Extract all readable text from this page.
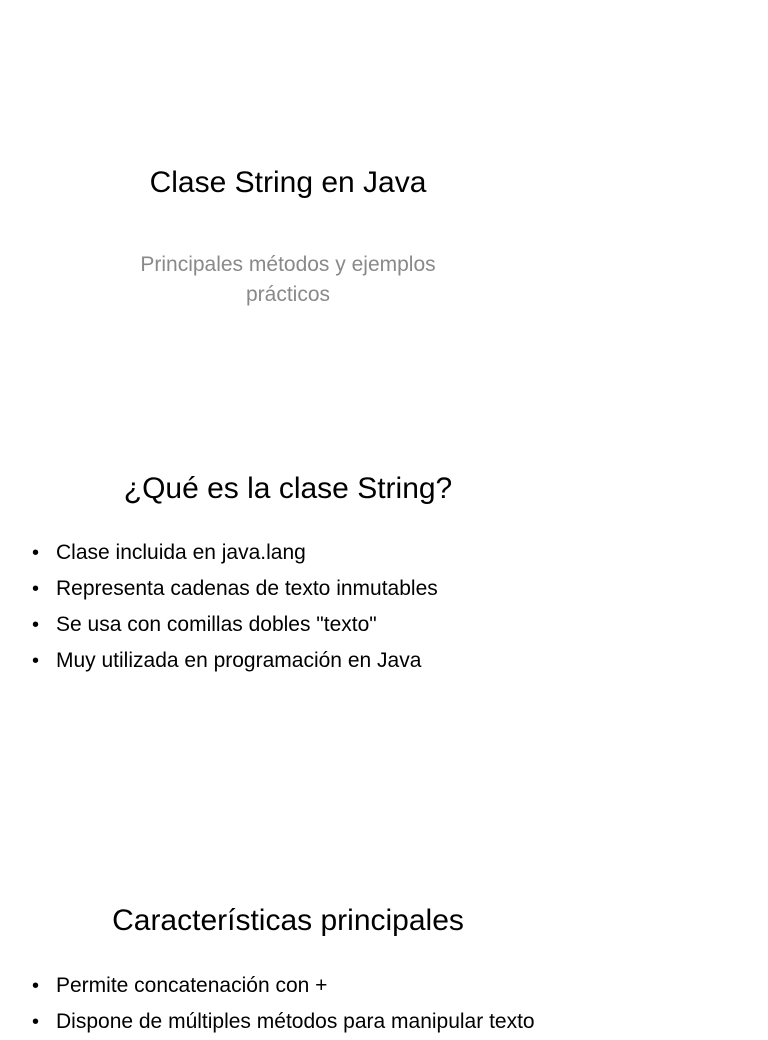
Clase String en Java

Principales métodos y ejemplos prácticos

¿Qué es la clase String?
• Clase incluida en java.lang
• Representa cadenas de texto inmutables
• Se usa con comillas dobles "texto"
• Muy utilizada en programación en Java
Características principales
• Permite concatenación con +
• Dispone de múltiples métodos para manipular texto
